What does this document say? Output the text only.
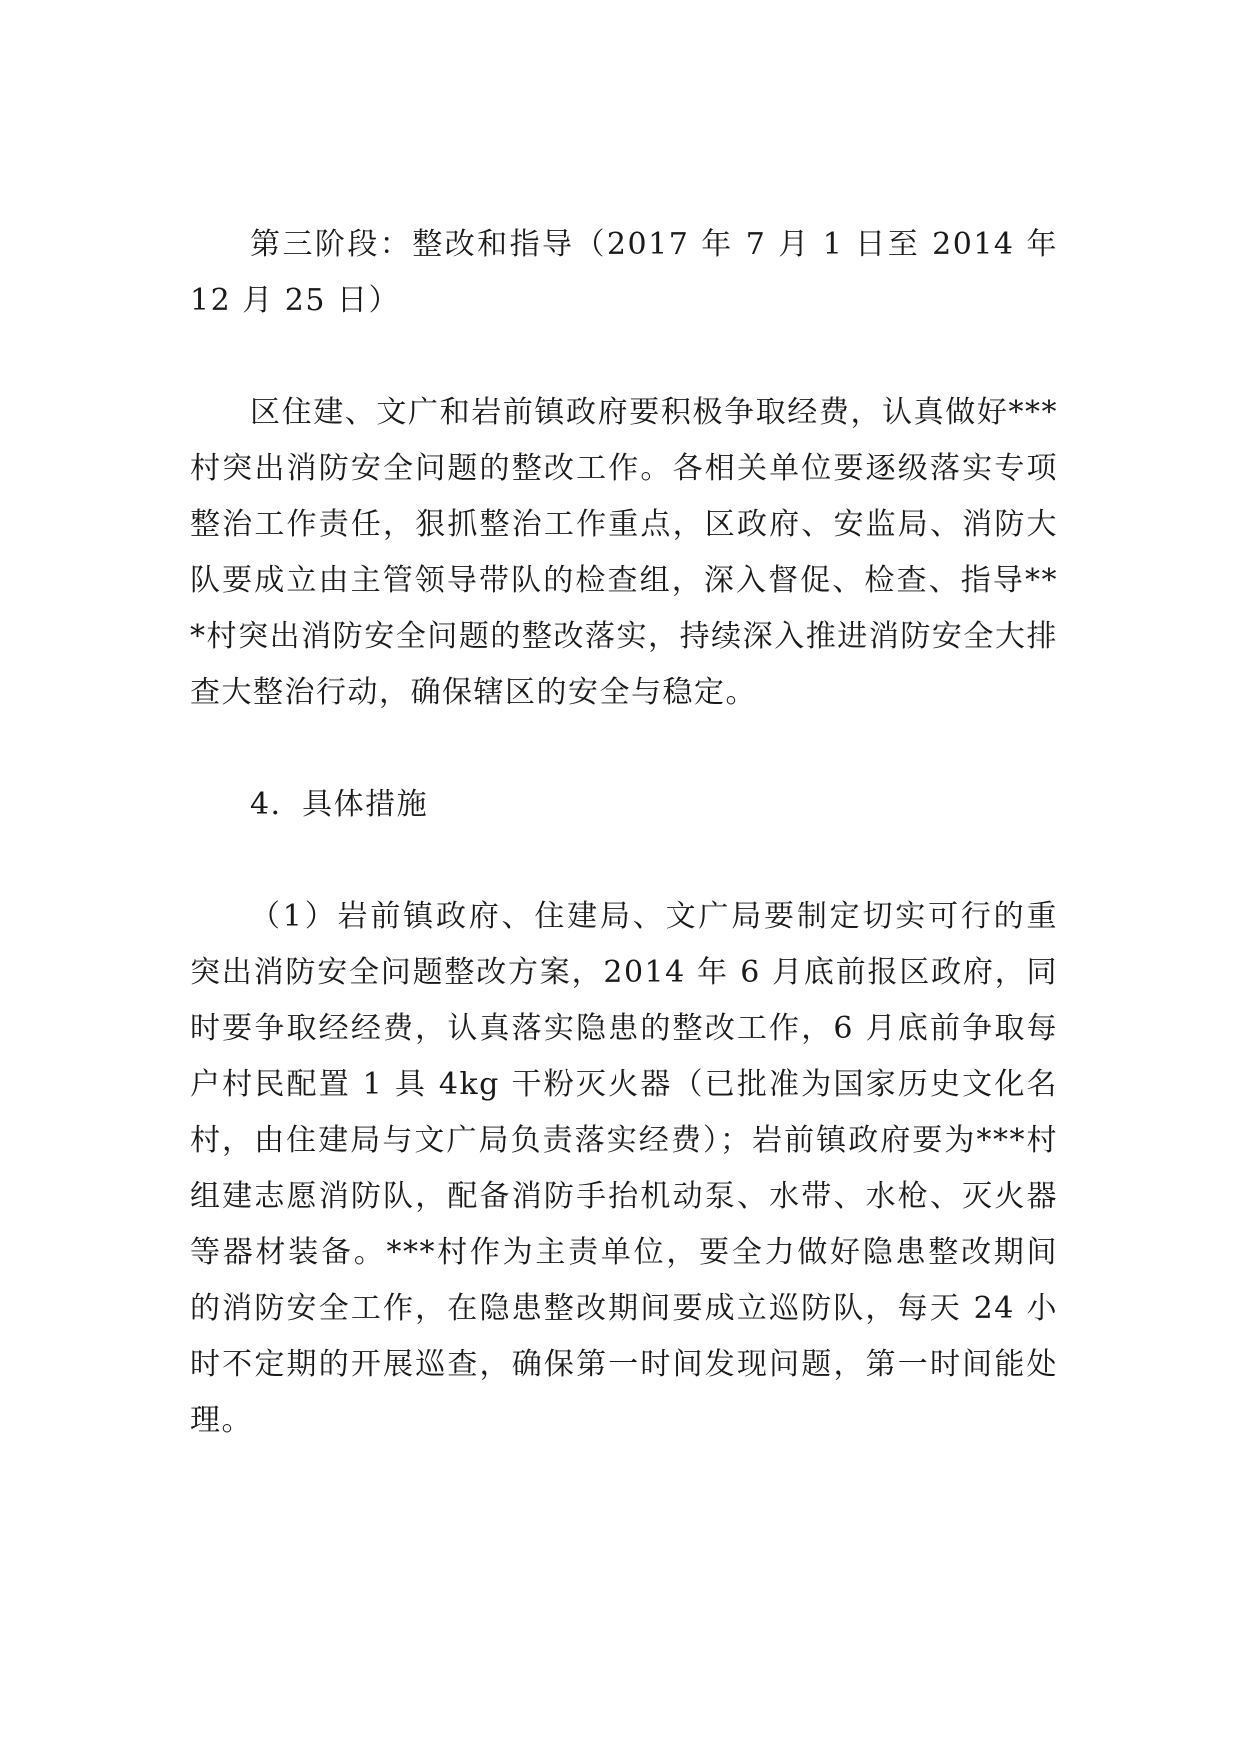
第三阶段：整改和指导（2017 年 7 月 1 日至 2014 年 12 月 25 日）

区住建、文广和岩前镇政府要积极争取经费，认真做好***村突出消防安全问题的整改工作。各相关单位要逐级落实专项整治工作责任，狠抓整治工作重点，区政府、安监局、消防大队要成立由主管领导带队的检查组，深入督促、检查、指导***村突出消防安全问题的整改落实，持续深入推进消防安全大排查大整治行动，确保辖区的安全与稳定。

4．具体措施

（1）岩前镇政府、住建局、文广局要制定切实可行的重突出消防安全问题整改方案，2014 年 6 月底前报区政府，同时要争取经经费，认真落实隐患的整改工作，6 月底前争取每户村民配置 1 具 4kg 干粉灭火器（已批准为国家历史文化名村，由住建局与文广局负责落实经费）；岩前镇政府要为***村组建志愿消防队，配备消防手抬机动泵、水带、水枪、灭火器等器材装备。***村作为主责单位，要全力做好隐患整改期间的消防安全工作，在隐患整改期间要成立巡防队，每天 24 小时不定期的开展巡查，确保第一时间发现问题，第一时间能处理。
